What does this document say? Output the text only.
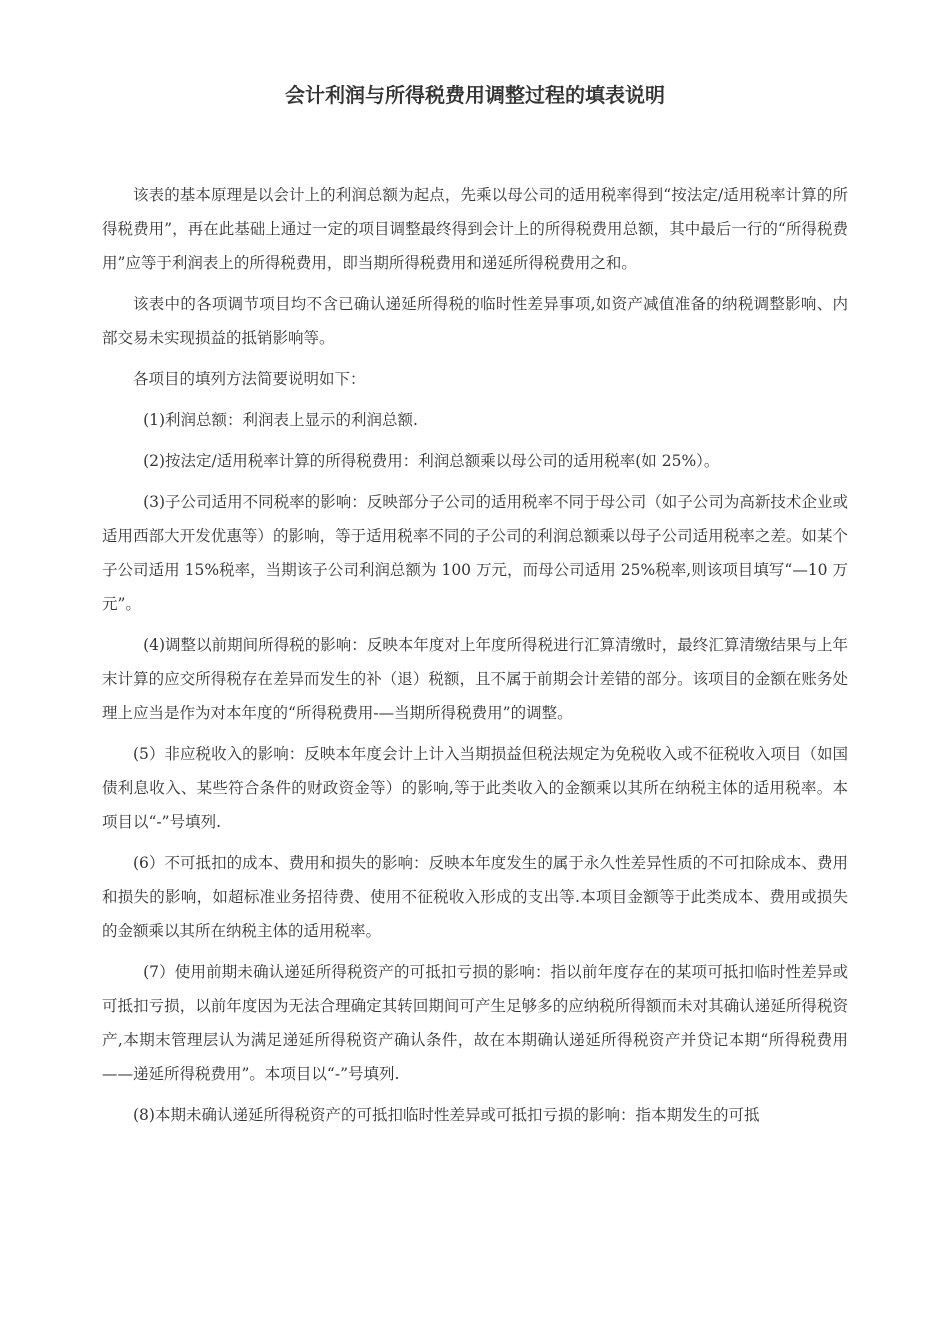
会计利润与所得税费用调整过程的填表说明

该表的基本原理是以会计上的利润总额为起点，先乘以母公司的适用税率得到“按法定/适用税率计算的所得税费用”，再在此基础上通过一定的项目调整最终得到会计上的所得税费用总额，其中最后一行的“所得税费用”应等于利润表上的所得税费用，即当期所得税费用和递延所得税费用之和。

该表中的各项调节项目均不含已确认递延所得税的临时性差异事项,如资产减值准备的纳税调整影响、内部交易未实现损益的抵销影响等。

各项目的填列方法简要说明如下：

(1)利润总额：利润表上显示的利润总额.

(2)按法定/适用税率计算的所得税费用：利润总额乘以母公司的适用税率(如 25%）。

(3)子公司适用不同税率的影响：反映部分子公司的适用税率不同于母公司（如子公司为高新技术企业或适用西部大开发优惠等）的影响，等于适用税率不同的子公司的利润总额乘以母子公司适用税率之差。如某个子公司适用 15%税率，当期该子公司利润总额为 100 万元，而母公司适用 25%税率,则该项目填写“—10 万元”。

(4)调整以前期间所得税的影响：反映本年度对上年度所得税进行汇算清缴时，最终汇算清缴结果与上年末计算的应交所得税存在差异而发生的补（退）税额，且不属于前期会计差错的部分。该项目的金额在账务处理上应当是作为对本年度的“所得税费用-—当期所得税费用”的调整。

(5）非应税收入的影响：反映本年度会计上计入当期损益但税法规定为免税收入或不征税收入项目（如国债利息收入、某些符合条件的财政资金等）的影响,等于此类收入的金额乘以其所在纳税主体的适用税率。本项目以“-”号填列.

(6）不可抵扣的成本、费用和损失的影响：反映本年度发生的属于永久性差异性质的不可扣除成本、费用和损失的影响，如超标准业务招待费、使用不征税收入形成的支出等.本项目金额等于此类成本、费用或损失的金额乘以其所在纳税主体的适用税率。

(7）使用前期未确认递延所得税资产的可抵扣亏损的影响：指以前年度存在的某项可抵扣临时性差异或可抵扣亏损，以前年度因为无法合理确定其转回期间可产生足够多的应纳税所得额而未对其确认递延所得税资产,本期末管理层认为满足递延所得税资产确认条件，故在本期确认递延所得税资产并贷记本期“所得税费用——递延所得税费用”。本项目以“-”号填列.

(8)本期未确认递延所得税资产的可抵扣临时性差异或可抵扣亏损的影响：指本期发生的可抵
